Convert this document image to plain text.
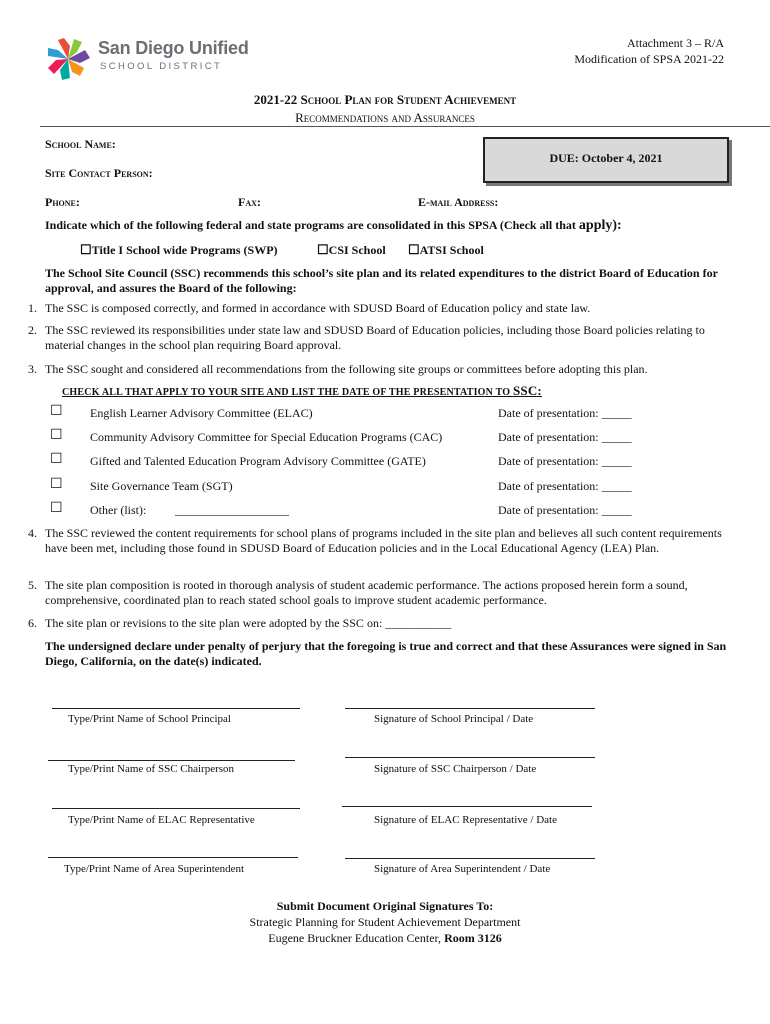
San Diego Unified
SCHOOL DISTRICT
Attachment 3 – R/A
Modification of SPSA 2021-22
2021-22 School Plan for Student Achievement
Recommendations and Assurances
School Name:
DUE: October 4, 2021
Site Contact Person:
Phone:	Fax:	E-mail Address:
Indicate which of the following federal and state programs are consolidated in this SPSA (Check all that apply):
☐Title I School wide Programs (SWP)	☐CSI School ☐ATSI School
The School Site Council (SSC) recommends this school’s site plan and its related expenditures to the district Board of Education for approval, and assures the Board of the following:
1. The SSC is composed correctly, and formed in accordance with SDUSD Board of Education policy and state law.
2. The SSC reviewed its responsibilities under state law and SDUSD Board of Education policies, including those Board policies relating to material changes in the school plan requiring Board approval.
3. The SSC sought and considered all recommendations from the following site groups or committees before adopting this plan.
CHECK ALL THAT APPLY TO YOUR SITE AND LIST THE DATE OF THE PRESENTATION TO SSC:
☐ English Learner Advisory Committee (ELAC)	Date of presentation: _____
☐ Community Advisory Committee for Special Education Programs (CAC)	Date of presentation: _____
☐ Gifted and Talented Education Program Advisory Committee (GATE)	Date of presentation: _____
☐ Site Governance Team (SGT)	Date of presentation: _____
☐ Other (list): ___________________	Date of presentation: _____
4. The SSC reviewed the content requirements for school plans of programs included in the site plan and believes all such content requirements have been met, including those found in SDUSD Board of Education policies and in the Local Educational Agency (LEA) Plan.
5. The site plan composition is rooted in thorough analysis of student academic performance. The actions proposed herein form a sound, comprehensive, coordinated plan to reach stated school goals to improve student academic performance.
6. The site plan or revisions to the site plan were adopted by the SSC on: ___________
The undersigned declare under penalty of perjury that the foregoing is true and correct and that these Assurances were signed in San Diego, California, on the date(s) indicated.
Type/Print Name of School Principal	Signature of School Principal / Date
Type/Print Name of SSC Chairperson	Signature of SSC Chairperson / Date
Type/Print Name of ELAC Representative	Signature of ELAC Representative / Date
Type/Print Name of Area Superintendent	Signature of Area Superintendent / Date
Submit Document Original Signatures To:
Strategic Planning for Student Achievement Department
Eugene Bruckner Education Center, Room 3126
